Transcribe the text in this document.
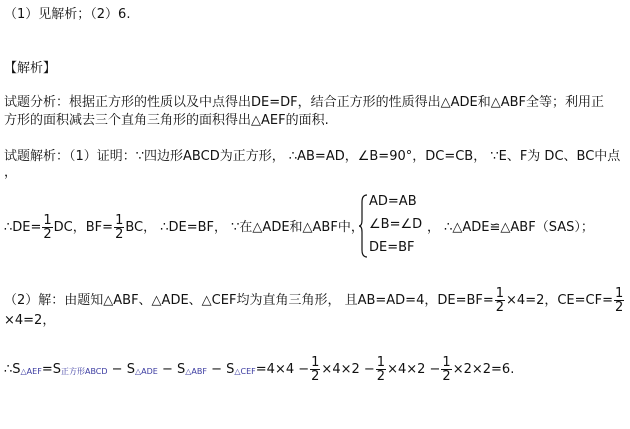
（1）见解析；（2）6.
【解析】
试题分析：根据正方形的性质以及中点得出DE=DF，结合正方形的性质得出△ADE和△ABF全等；利用正
方形的面积减去三个直角三角形的面积得出△AEF的面积.
试题解析：（1）证明：∵四边形ABCD为正方形， ∴AB=AD，∠B=90°，DC=CB， ∵E、F为 DC、BC中点
，
∴DE= $\frac{1}{2}$ DC，$BF= \frac{1}{2}$ BC， ∴DE=BF， ∵在△ADE和△ABF中，
AD=AB
∠B=∠D
DE=BF
， ∴△ADE≌△ABF（SAS）；
（2）解：由题知△ABF、△ADE、△CEF均为直角三角形， 且AB=AD=4，$DE=BF= \frac{1}{2} \times 4=2$，$CE=CF= \frac{1}{2}$
×4=2，
∴S△AEF=S正方形ABCD − S△ADE − S△ABF − S△CEF=4×4 − $\frac{1}{2} \times 4\times 2 - \frac{1}{2} \times 4\times 2 - \frac{1}{2} \times 2\times 2=6$.
